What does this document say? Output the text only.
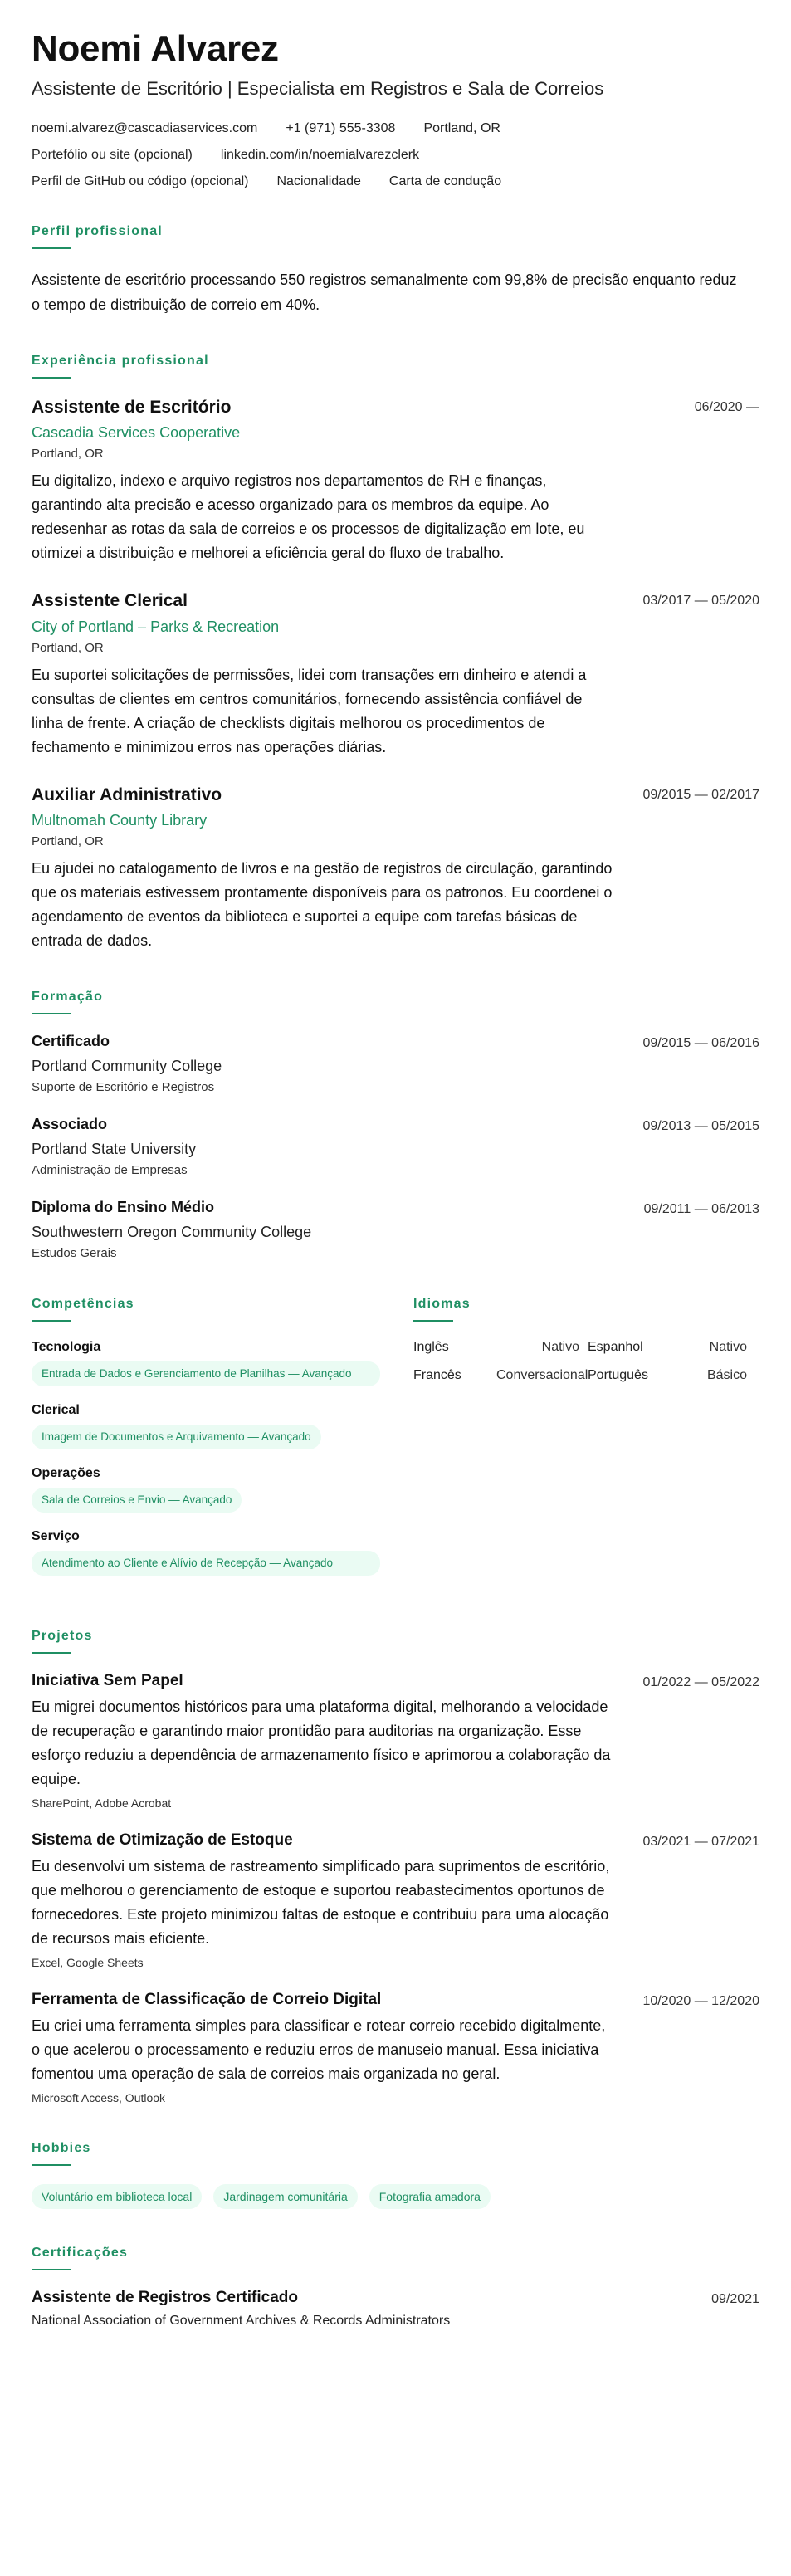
Noemi Alvarez
Assistente de Escritório | Especialista em Registros e Sala de Correios
noemi.alvarez@cascadiaservices.com +1 (971) 555-3308 Portland, OR
Portefólio ou site (opcional) linkedin.com/in/noemialvarezclerk
Perfil de GitHub ou código (opcional) Nacionalidade Carta de condução
Perfil profissional

Assistente de escritório processando 550 registros semanalmente com 99,8% de precisão enquanto reduz o tempo de distribuição de correio em 40%.

Experiência profissional
Assistente de Escritório	06/2020 —
Cascadia Services Cooperative
Portland, OR

Eu digitalizo, indexo e arquivo registros nos departamentos de RH e finanças, garantindo alta precisão e acesso organizado para os membros da equipe. Ao redesenhar as rotas da sala de correios e os processos de digitalização em lote, eu otimizei a distribuição e melhorei a eficiência geral do fluxo de trabalho.

Assistente Clerical	03/2017 — 05/2020
City of Portland – Parks & Recreation
Portland, OR

Eu suportei solicitações de permissões, lidei com transações em dinheiro e atendi a consultas de clientes em centros comunitários, fornecendo assistência confiável de linha de frente. A criação de checklists digitais melhorou os procedimentos de fechamento e minimizou erros nas operações diárias.

Auxiliar Administrativo	09/2015 — 02/2017
Multnomah County Library
Portland, OR

Eu ajudei no catalogamento de livros e na gestão de registros de circulação, garantindo que os materiais estivessem prontamente disponíveis para os patronos. Eu coordenei o agendamento de eventos da biblioteca e suportei a equipe com tarefas básicas de entrada de dados.

Formação
Certificado	09/2015 — 06/2016
Portland Community College
Suporte de Escritório e Registros
Associado	09/2013 — 05/2015
Portland State University
Administração de Empresas
Diploma do Ensino Médio	09/2011 — 06/2013
Southwestern Oregon Community College
Estudos Gerais
Competências
Tecnologia
Entrada de Dados e Gerenciamento de Planilhas — Avançado
Clerical
Imagem de Documentos e Arquivamento — Avançado
Operações
Sala de Correios e Envio — Avançado
Serviço
Atendimento ao Cliente e Alívio de Recepção — Avançado
Idiomas
Inglês	Nativo Espanhol	Nativo
Francês	Conversacional Português	Básico
Projetos
Iniciativa Sem Papel	01/2022 — 05/2022

Eu migrei documentos históricos para uma plataforma digital, melhorando a velocidade de recuperação e garantindo maior prontidão para auditorias na organização. Esse esforço reduziu a dependência de armazenamento físico e aprimorou a colaboração da equipe.

SharePoint, Adobe Acrobat

Sistema de Otimização de Estoque	03/2021 — 07/2021

Eu desenvolvi um sistema de rastreamento simplificado para suprimentos de escritório, que melhorou o gerenciamento de estoque e suportou reabastecimentos oportunos de fornecedores. Este projeto minimizou faltas de estoque e contribuiu para uma alocação de recursos mais eficiente.

Excel, Google Sheets

Ferramenta de Classificação de Correio Digital	10/2020 — 12/2020

Eu criei uma ferramenta simples para classificar e rotear correio recebido digitalmente, o que acelerou o processamento e reduziu erros de manuseio manual. Essa iniciativa fomentou uma operação de sala de correios mais organizada no geral.

Microsoft Access, Outlook

Hobbies
Voluntário em biblioteca local	Jardinagem comunitária	Fotografia amadora
Certificações
Assistente de Registros Certificado	09/2021
National Association of Government Archives & Records Administrators
